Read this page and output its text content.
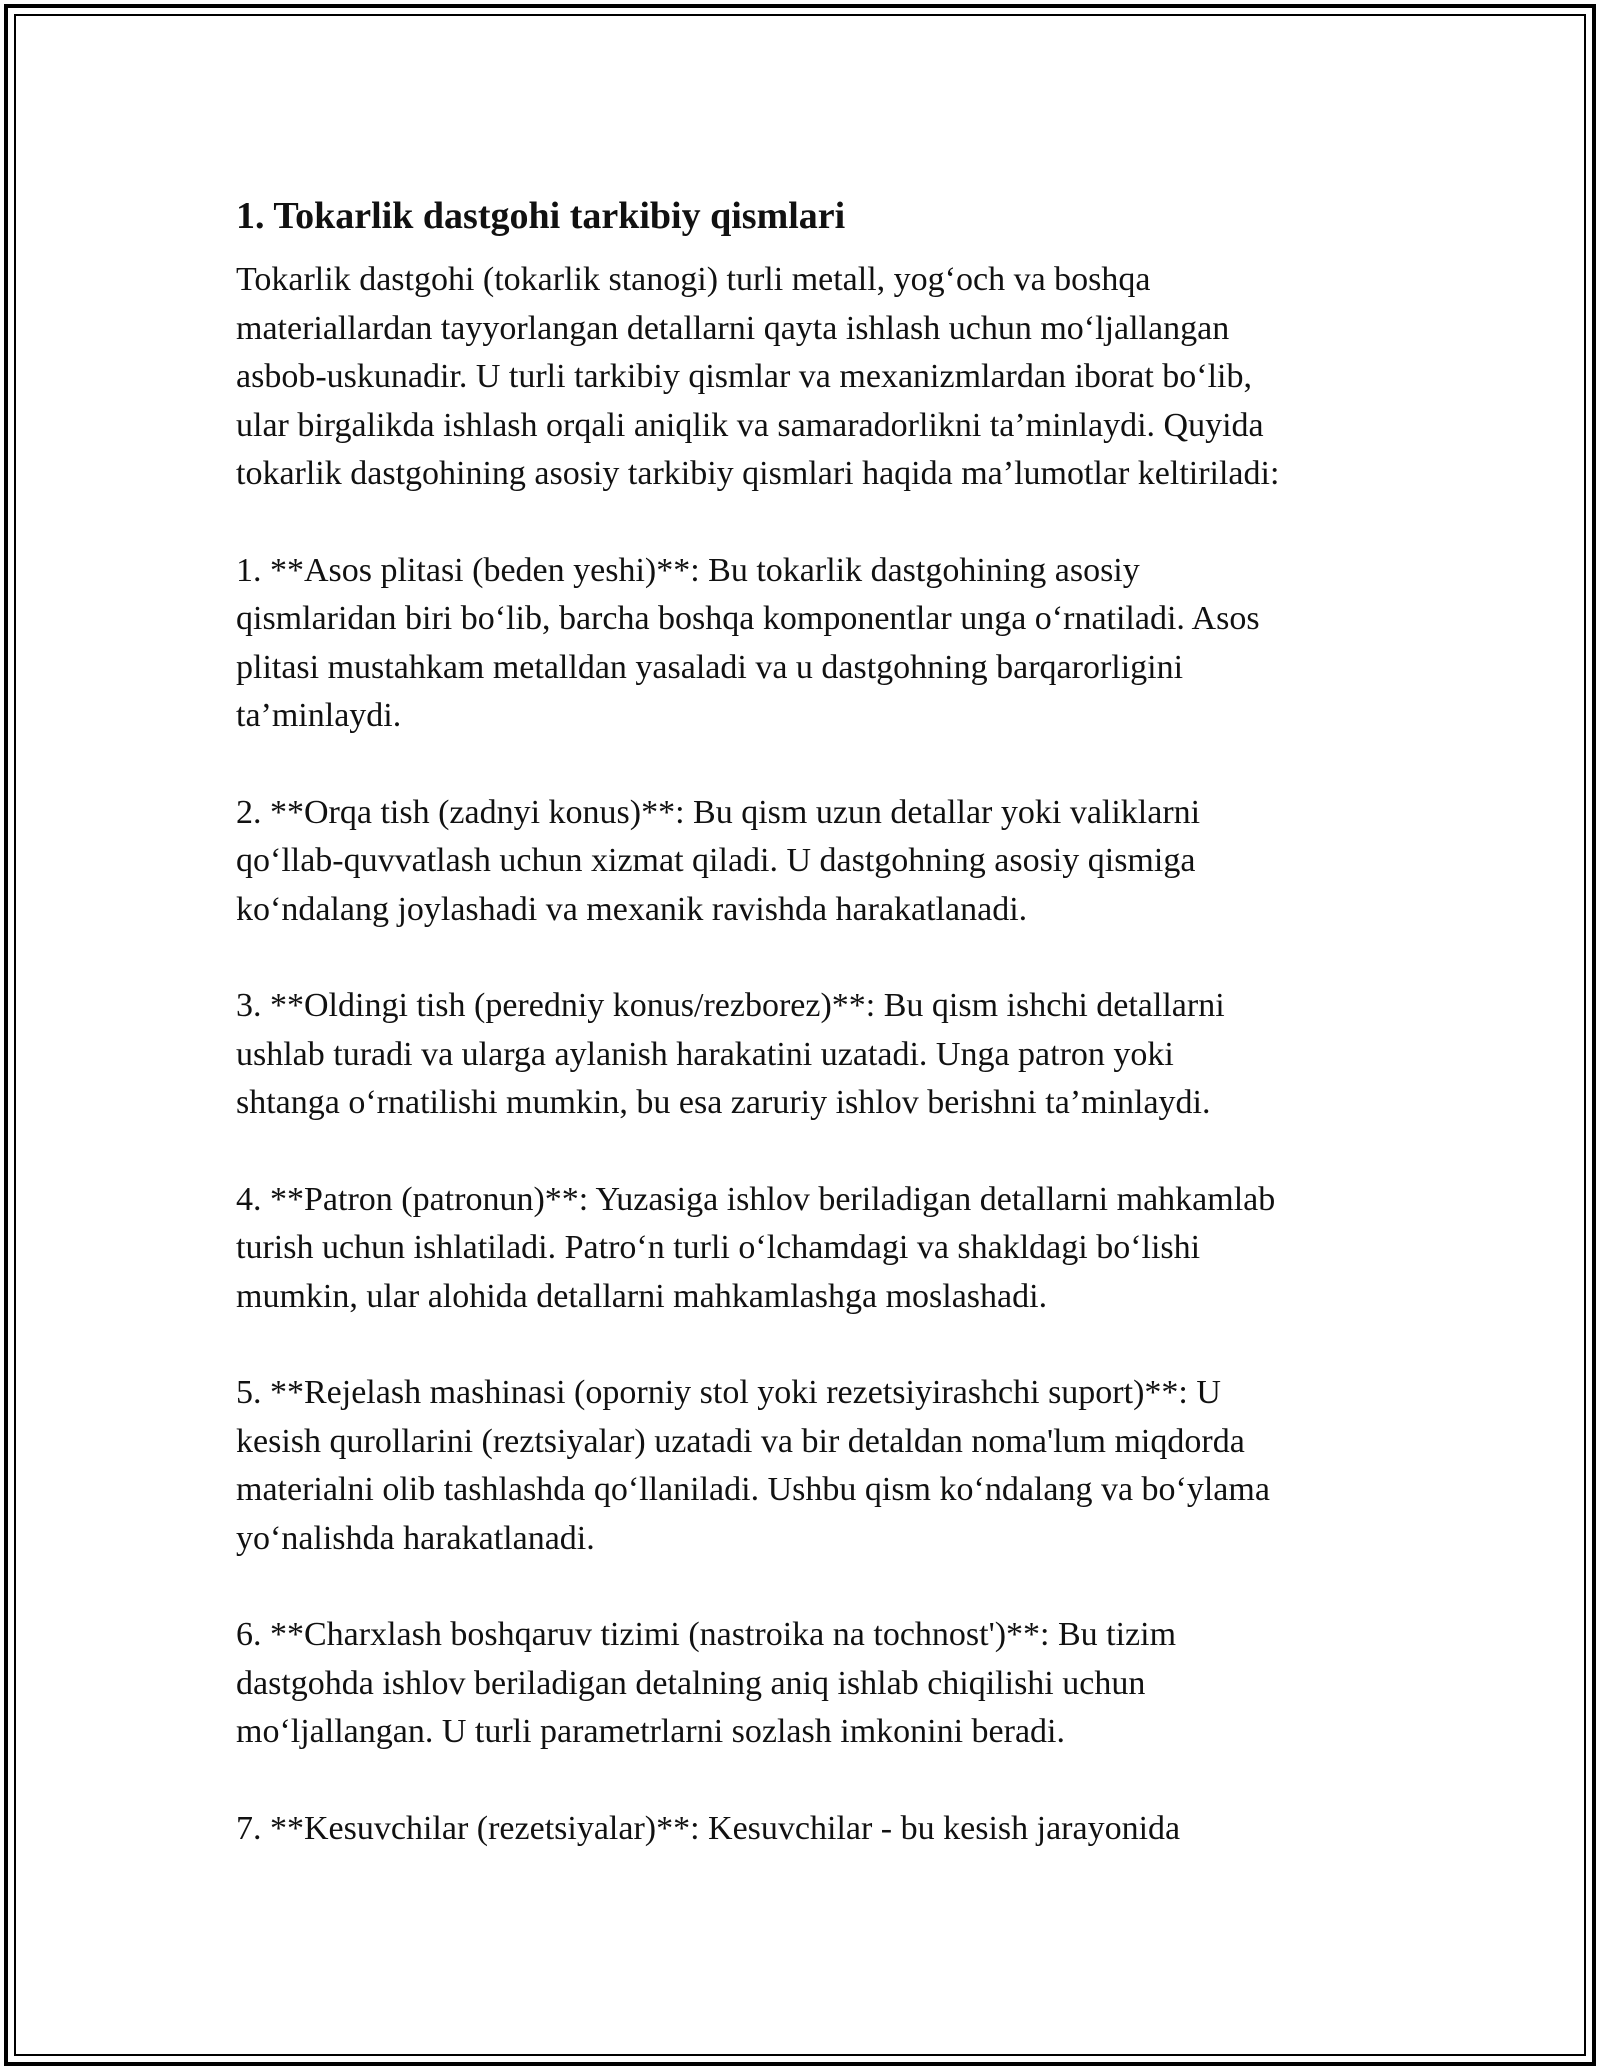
1. Tokarlik dastgohi tarkibiy qismlari

Tokarlik dastgohi (tokarlik stanogi) turli metall, yog‘och va boshqa
materiallardan tayyorlangan detallarni qayta ishlash uchun mo‘ljallangan
asbob-uskunadir. U turli tarkibiy qismlar va mexanizmlardan iborat bo‘lib,
ular birgalikda ishlash orqali aniqlik va samaradorlikni ta’minlaydi. Quyida
tokarlik dastgohining asosiy tarkibiy qismlari haqida ma’lumotlar keltiriladi:

1. **Asos plitasi (beden yeshi)**: Bu tokarlik dastgohining asosiy
qismlaridan biri bo‘lib, barcha boshqa komponentlar unga o‘rnatiladi. Asos
plitasi mustahkam metalldan yasaladi va u dastgohning barqarorligini
ta’minlaydi.

2. **Orqa tish (zadnyi konus)**: Bu qism uzun detallar yoki valiklarni
qo‘llab-quvvatlash uchun xizmat qiladi. U dastgohning asosiy qismiga
ko‘ndalang joylashadi va mexanik ravishda harakatlanadi.

3. **Oldingi tish (peredniy konus/rezborez)**: Bu qism ishchi detallarni
ushlab turadi va ularga aylanish harakatini uzatadi. Unga patron yoki
shtanga o‘rnatilishi mumkin, bu esa zaruriy ishlov berishni ta’minlaydi.

4. **Patron (patronun)**: Yuzasiga ishlov beriladigan detallarni mahkamlab
turish uchun ishlatiladi. Patro‘n turli o‘lchamdagi va shakldagi bo‘lishi
mumkin, ular alohida detallarni mahkamlashga moslashadi.

5. **Rejelash mashinasi (oporniy stol yoki rezetsiyirashchi suport)**: U
kesish qurollarini (reztsiyalar) uzatadi va bir detaldan noma'lum miqdorda
materialni olib tashlashda qo‘llaniladi. Ushbu qism ko‘ndalang va bo‘ylama
yo‘nalishda harakatlanadi.

6. **Charxlash boshqaruv tizimi (nastroika na tochnost')**: Bu tizim
dastgohda ishlov beriladigan detalning aniq ishlab chiqilishi uchun
mo‘ljallangan. U turli parametrlarni sozlash imkonini beradi.

7. **Kesuvchilar (rezetsiyalar)**: Kesuvchilar - bu kesish jarayonida
